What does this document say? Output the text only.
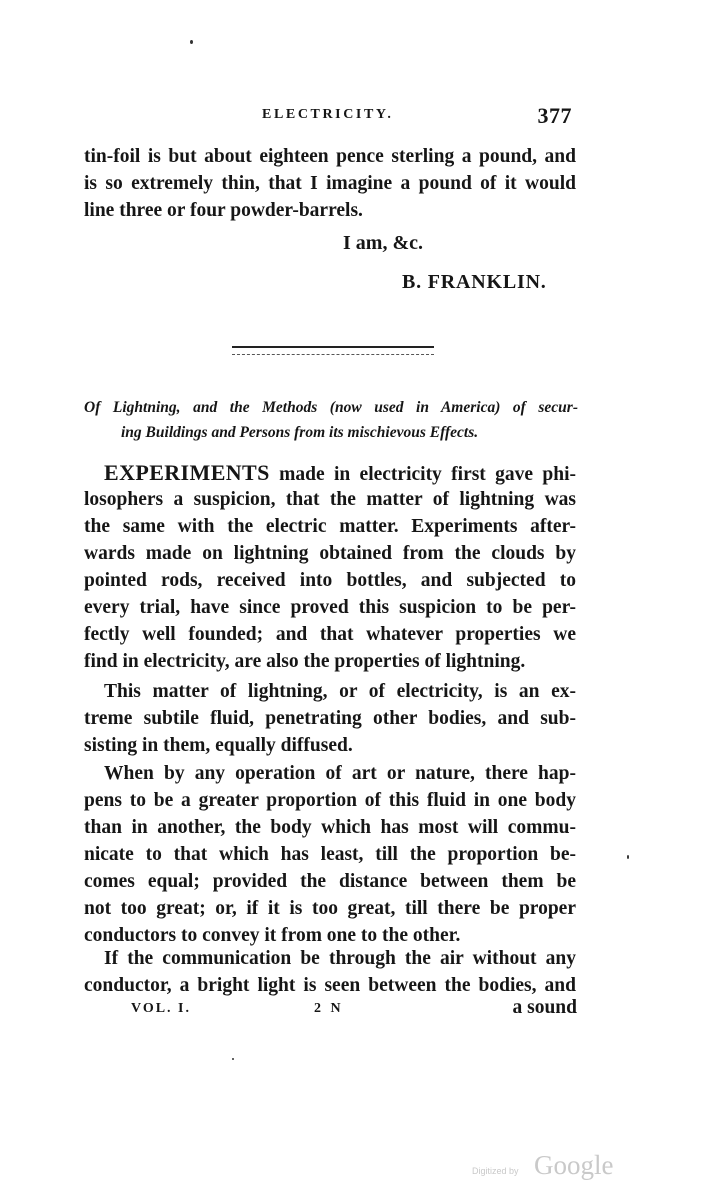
ELECTRICITY.	377

tin-foil is but about eighteen pence sterling a pound, and

is so extremely thin, that I imagine a pound of it would

line three or four powder-barrels.

I am, &c.

B. FRANKLIN.

Of Lightning, and the Methods (now used in America) of secur-

ing Buildings and Persons from its mischievous Effects.

EXPERIMENTS made in electricity first gave phi-

losophers a suspicion, that the matter of lightning was

the same with the electric matter. Experiments after-

wards made on lightning obtained from the clouds by

pointed rods, received into bottles, and subjected to

every trial, have since proved this suspicion to be per-

fectly well founded; and that whatever properties we

find in electricity, are also the properties of lightning.

This matter of lightning, or of electricity, is an ex-

treme subtile fluid, penetrating other bodies, and sub-

sisting in them, equally diffused.

When by any operation of art or nature, there hap-

pens to be a greater proportion of this fluid in one body

than in another, the body which has most will commu-

nicate to that which has least, till the proportion be-

comes equal; provided the distance between them be

not too great; or, if it is too great, till there be proper

conductors to convey it from one to the other.

If the communication be through the air without any

conductor, a bright light is seen between the bodies, and

VOL. I.	2 N	a sound
Digitized by Google
